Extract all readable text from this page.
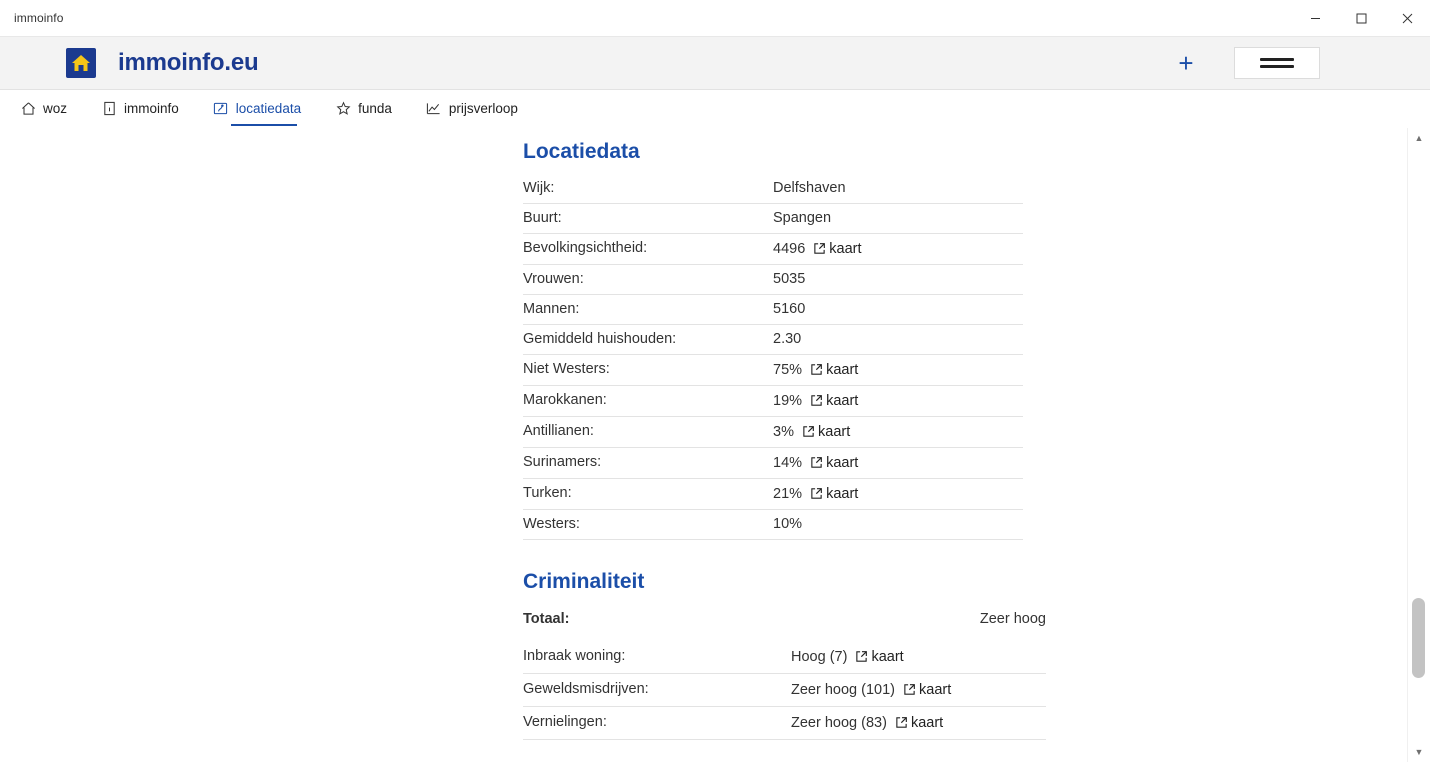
immoinfo
immoinfo.eu	+
woz	immoinfo	locatiedata	funda	prijsverloop
Locatiedata
Wijk:	Delfshaven
Buurt:	Spangen
Bevolkingsichtheid:	4496 kaart
Vrouwen:	5035
Mannen:	5160
Gemiddeld huishouden:	2.30
Niet Westers:	75% kaart
Marokkanen:	19% kaart
Antillianen:	3% kaart
Surinamers:	14% kaart
Turken:	21% kaart
Westers:	10%
Criminaliteit
Totaal:	Zeer hoog
Inbraak woning:	Hoog (7) kaart
Geweldsmisdrijven:	Zeer hoog (101) kaart
Vernielingen:	Zeer hoog (83) kaart
▲
▼
